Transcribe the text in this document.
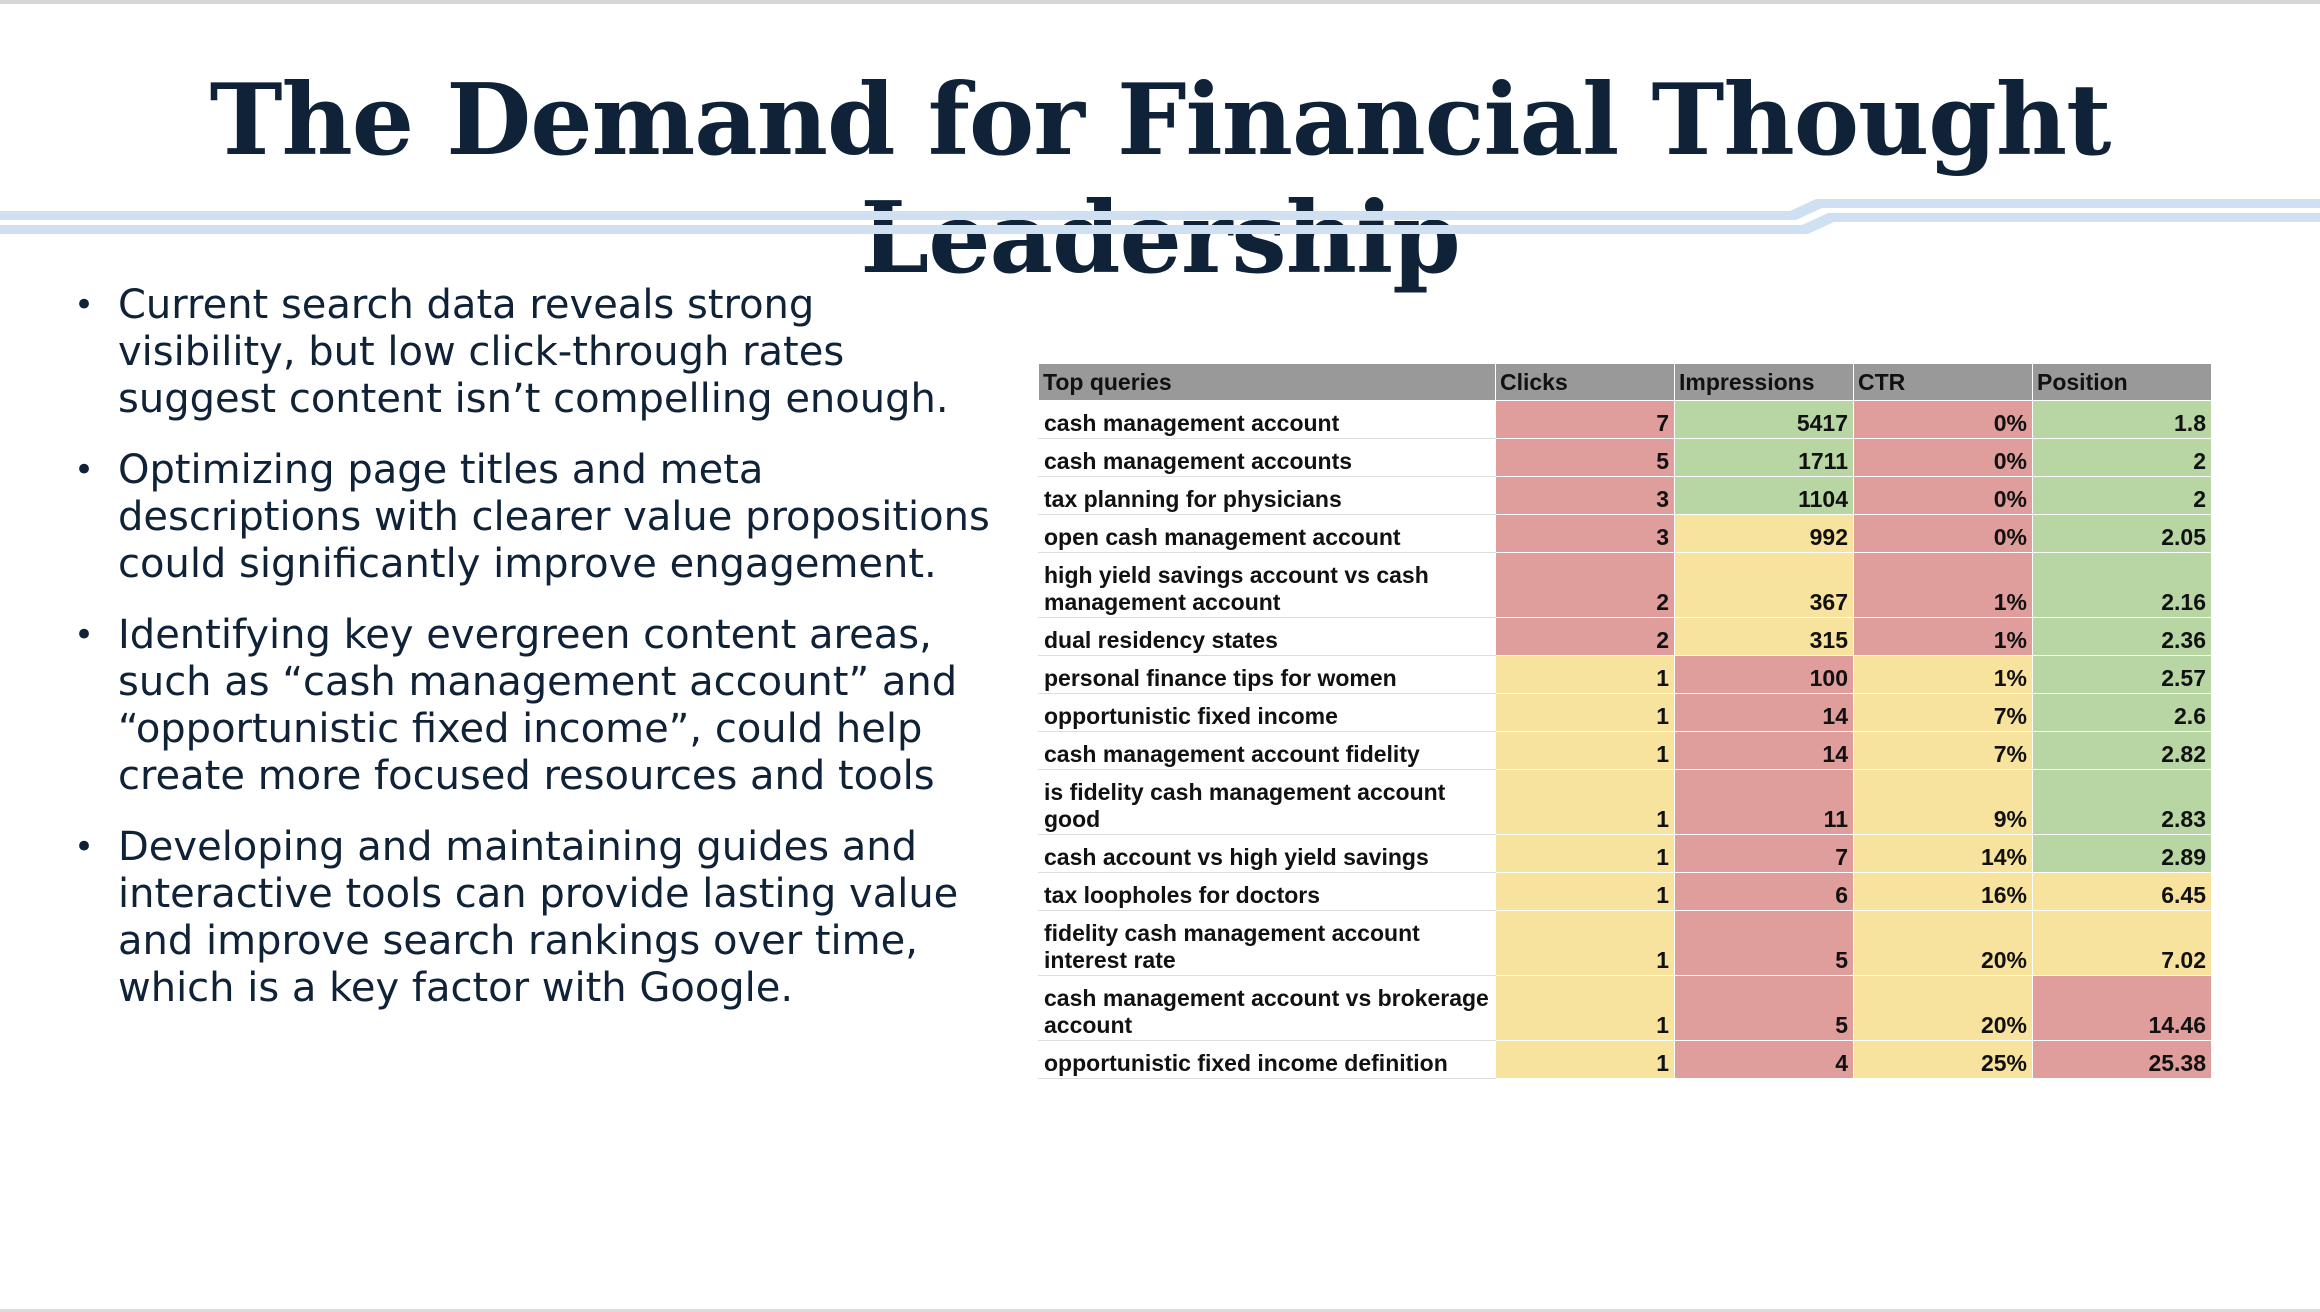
The Demand for Financial Thought Leadership
• Current search data reveals strong visibility, but low click-through rates suggest content isn’t compelling enough.
• Optimizing page titles and meta descriptions with clearer value propositions could significantly improve engagement.
• Identifying key evergreen content areas, such as “cash management account” and “opportunistic fixed income”, could help create more focused resources and tools
• Developing and maintaining guides and interactive tools can provide lasting value and improve search rankings over time, which is a key factor with Google.
Top queries	Clicks	Impressions	CTR	Position
cash management account	7	5417	0%	1.8
cash management accounts	5	1711	0%	2
tax planning for physicians	3	1104	0%	2
open cash management account	3	992	0%	2.05
high yield savings account vs cash management account	2	367	1%	2.16
dual residency states	2	315	1%	2.36
personal finance tips for women	1	100	1%	2.57
opportunistic fixed income	1	14	7%	2.6
cash management account fidelity	1	14	7%	2.82
is fidelity cash management account good	1	11	9%	2.83
cash account vs high yield savings	1	7	14%	2.89
tax loopholes for doctors	1	6	16%	6.45
fidelity cash management account interest rate	1	5	20%	7.02
cash management account vs brokerage account	1	5	20%	14.46
opportunistic fixed income definition	1	4	25%	25.38
